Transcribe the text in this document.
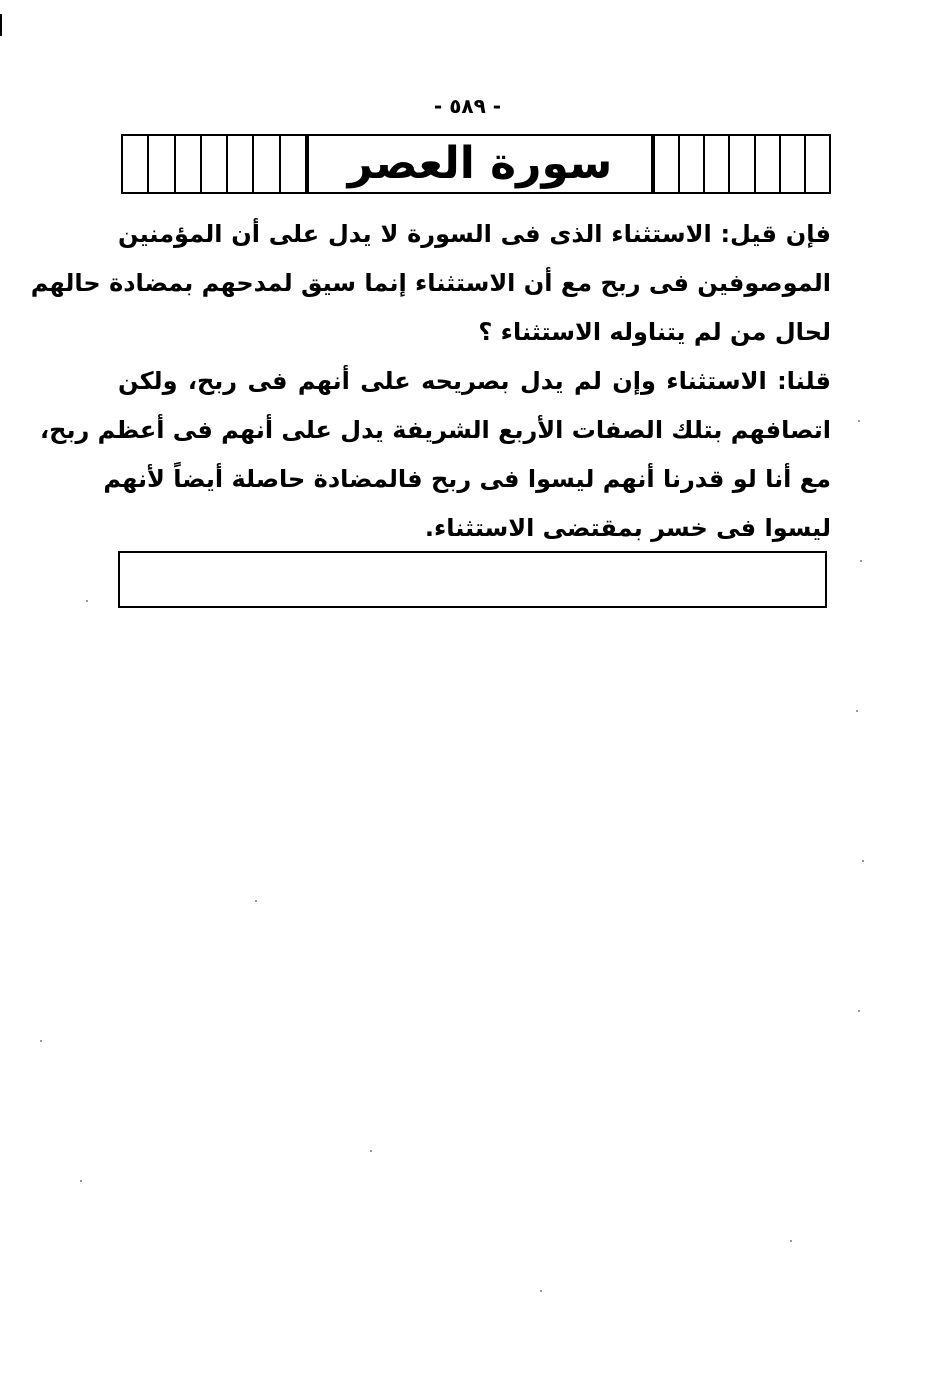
- ٥٨٩ -
سورة العصر

فإن قيل: الاستثناء الذى فى السورة لا يدل على أن المؤمنين
الموصوفين فى ربح مع أن الاستثناء إنما سيق لمدحهم بمضادة حالهم
لحال من لم يتناوله الاستثناء ؟

قلنا: الاستثناء وإن لم يدل بصريحه على أنهم فى ربح، ولكن
اتصافهم بتلك الصفات الأربع الشريفة يدل على أنهم فى أعظم ربح،
مع أنا لو قدرنا أنهم ليسوا فى ربح فالمضادة حاصلة أيضاً لأنهم
ليسوا فى خسر بمقتضى الاستثناء.
